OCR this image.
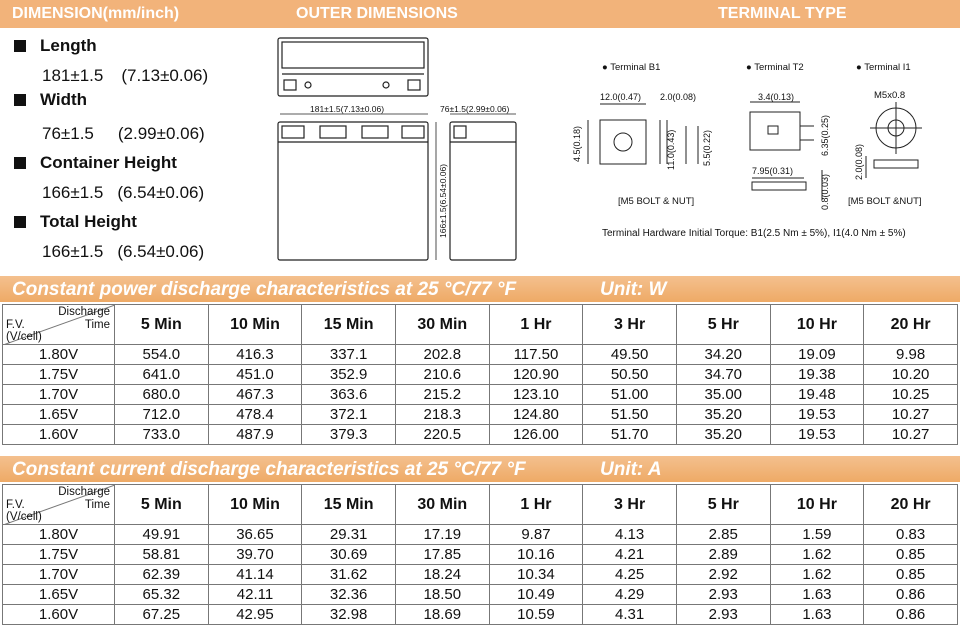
DIMENSION(mm/inch)	OUTER DIMENSIONS	TERMINAL TYPE
Length
181±1.5 (7.13±0.06)
Width
76±1.5 (2.99±0.06)
Container Height
166±1.5 (6.54±0.06)
Total Height
166±1.5 (6.54±0.06)
181±1.5(7.13±0.06)
166±1.5(6.54±0.06)
76±1.5(2.99±0.06)
● Terminal B1
12.0(0.47) 2.0(0.08)
4.5(0.18)	11.0(0.43)	5.5(0.22)
[M5 BOLT & NUT]
● Terminal T2
3.4(0.13)
6.35(0.25)
7.95(0.31)
0.8(0.03)
● Terminal I1
M5x0.8
2.0(0.08)
[M5 BOLT &NUT]
Terminal Hardware Initial Torque: B1(2.5 Nm ± 5%), I1(4.0 Nm ± 5%)
Constant power discharge characteristics at 25 °C/77 °F	Unit: W
Discharge
Time
F.V.
(V/cell)	5 Min	10 Min	15 Min	30 Min	1 Hr	3 Hr	5 Hr	10 Hr	20 Hr
1.80V	554.0	416.3	337.1	202.8	117.50	49.50	34.20	19.09	9.98
1.75V	641.0	451.0	352.9	210.6	120.90	50.50	34.70	19.38	10.20
1.70V	680.0	467.3	363.6	215.2	123.10	51.00	35.00	19.48	10.25
1.65V	712.0	478.4	372.1	218.3	124.80	51.50	35.20	19.53	10.27
1.60V	733.0	487.9	379.3	220.5	126.00	51.70	35.20	19.53	10.27
Constant current discharge characteristics at 25 °C/77 °F	Unit: A
Discharge
Time
F.V.
(V/cell)	5 Min	10 Min	15 Min	30 Min	1 Hr	3 Hr	5 Hr	10 Hr	20 Hr
1.80V	49.91	36.65	29.31	17.19	9.87	4.13	2.85	1.59	0.83
1.75V	58.81	39.70	30.69	17.85	10.16	4.21	2.89	1.62	0.85
1.70V	62.39	41.14	31.62	18.24	10.34	4.25	2.92	1.62	0.85
1.65V	65.32	42.11	32.36	18.50	10.49	4.29	2.93	1.63	0.86
1.60V	67.25	42.95	32.98	18.69	10.59	4.31	2.93	1.63	0.86
